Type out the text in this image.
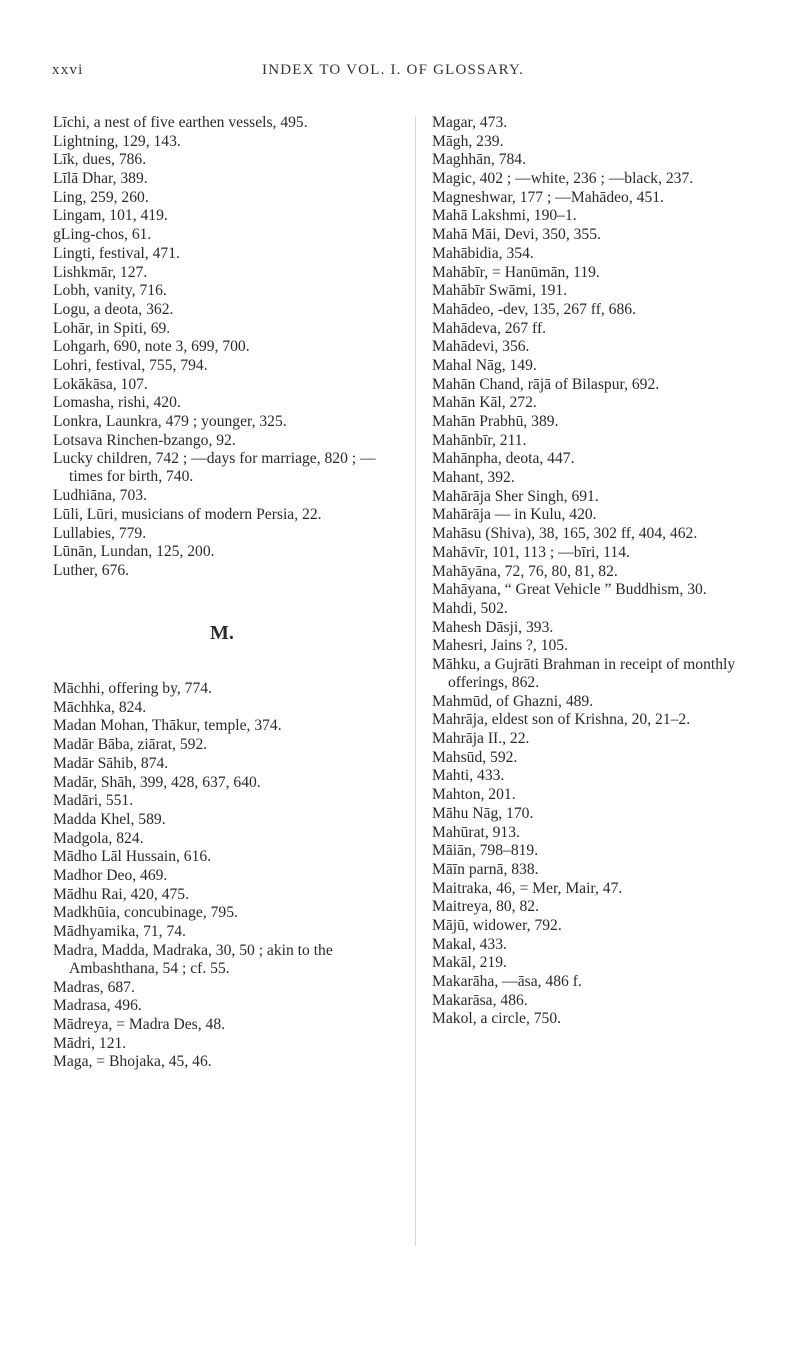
xxvi	INDEX TO VOL. I. OF GLOSSARY.
Līchi, a nest of five earthen vessels, 495.
Lightning, 129, 143.
Līk, dues, 786.
Līlā Dhar, 389.
Ling, 259, 260.
Lingam, 101, 419.
gLing-chos, 61.
Lingti, festival, 471.
Lishkmār, 127.
Lobh, vanity, 716.
Logu, a deota, 362.
Lohār, in Spiti, 69.
Lohgarh, 690, note 3, 699, 700.
Lohri, festival, 755, 794.
Lokākāsa, 107.
Lomasha, rishi, 420.
Lonkra, Launkra, 479 ; younger, 325.
Lotsava Rinchen-bzango, 92.
Lucky children, 742 ; —days for marriage, 820 ; —times for birth, 740.
Ludhiāna, 703.
Lūli, Lūri, musicians of modern Persia, 22.
Lullabies, 779.
Lūnān, Lundan, 125, 200.
Luther, 676.
M.
Māchhi, offering by, 774.
Māchhka, 824.
Madan Mohan, Thākur, temple, 374.
Madār Bāba, ziārat, 592.
Madār Sāhib, 874.
Madār, Shāh, 399, 428, 637, 640.
Madāri, 551.
Madda Khel, 589.
Madgola, 824.
Mādho Lāl Hussain, 616.
Madhor Deo, 469.
Mādhu Rai, 420, 475.
Madkhūia, concubinage, 795.
Mādhyamika, 71, 74.
Madra, Madda, Madraka, 30, 50 ; akin to the Ambashthana, 54 ; cf. 55.
Madras, 687.
Madrasa, 496.
Mādreya, = Madra Des, 48.
Mādri, 121.
Maga, = Bhojaka, 45, 46.
Magar, 473.
Māgh, 239.
Maghhān, 784.
Magic, 402 ; —white, 236 ; —black, 237.
Magneshwar, 177 ; —Mahādeo, 451.
Mahā Lakshmi, 190–1.
Mahā Māi, Devi, 350, 355.
Mahābidia, 354.
Mahābīr, = Hanūmān, 119.
Mahābīr Swāmi, 191.
Mahādeo, -dev, 135, 267 ff, 686.
Mahādeva, 267 ff.
Mahādevi, 356.
Mahal Nāg, 149.
Mahān Chand, rājā of Bilaspur, 692.
Mahān Kāl, 272.
Mahān Prabhū, 389.
Mahānbīr, 211.
Mahānpha, deota, 447.
Mahant, 392.
Mahārāja Sher Singh, 691.
Mahārāja — in Kulu, 420.
Mahāsu (Shiva), 38, 165, 302 ff, 404, 462.
Mahāvīr, 101, 113 ; —bīri, 114.
Mahāyāna, 72, 76, 80, 81, 82.
Mahāyana, “ Great Vehicle ” Buddhism, 30.
Mahdi, 502.
Mahesh Dāsji, 393.
Mahesri, Jains ?, 105.
Māhku, a Gujrāti Brahman in receipt of monthly offerings, 862.
Mahmūd, of Ghazni, 489.
Mahrāja, eldest son of Krishna, 20, 21–2.
Mahrāja II., 22.
Mahsūd, 592.
Mahti, 433.
Mahton, 201.
Māhu Nāg, 170.
Mahūrat, 913.
Māiān, 798–819.
Māīn parnā, 838.
Maitraka, 46, = Mer, Mair, 47.
Maitreya, 80, 82.
Mājū, widower, 792.
Makal, 433.
Makāl, 219.
Makarāha, —āsa, 486 f.
Makarāsa, 486.
Makol, a circle, 750.
